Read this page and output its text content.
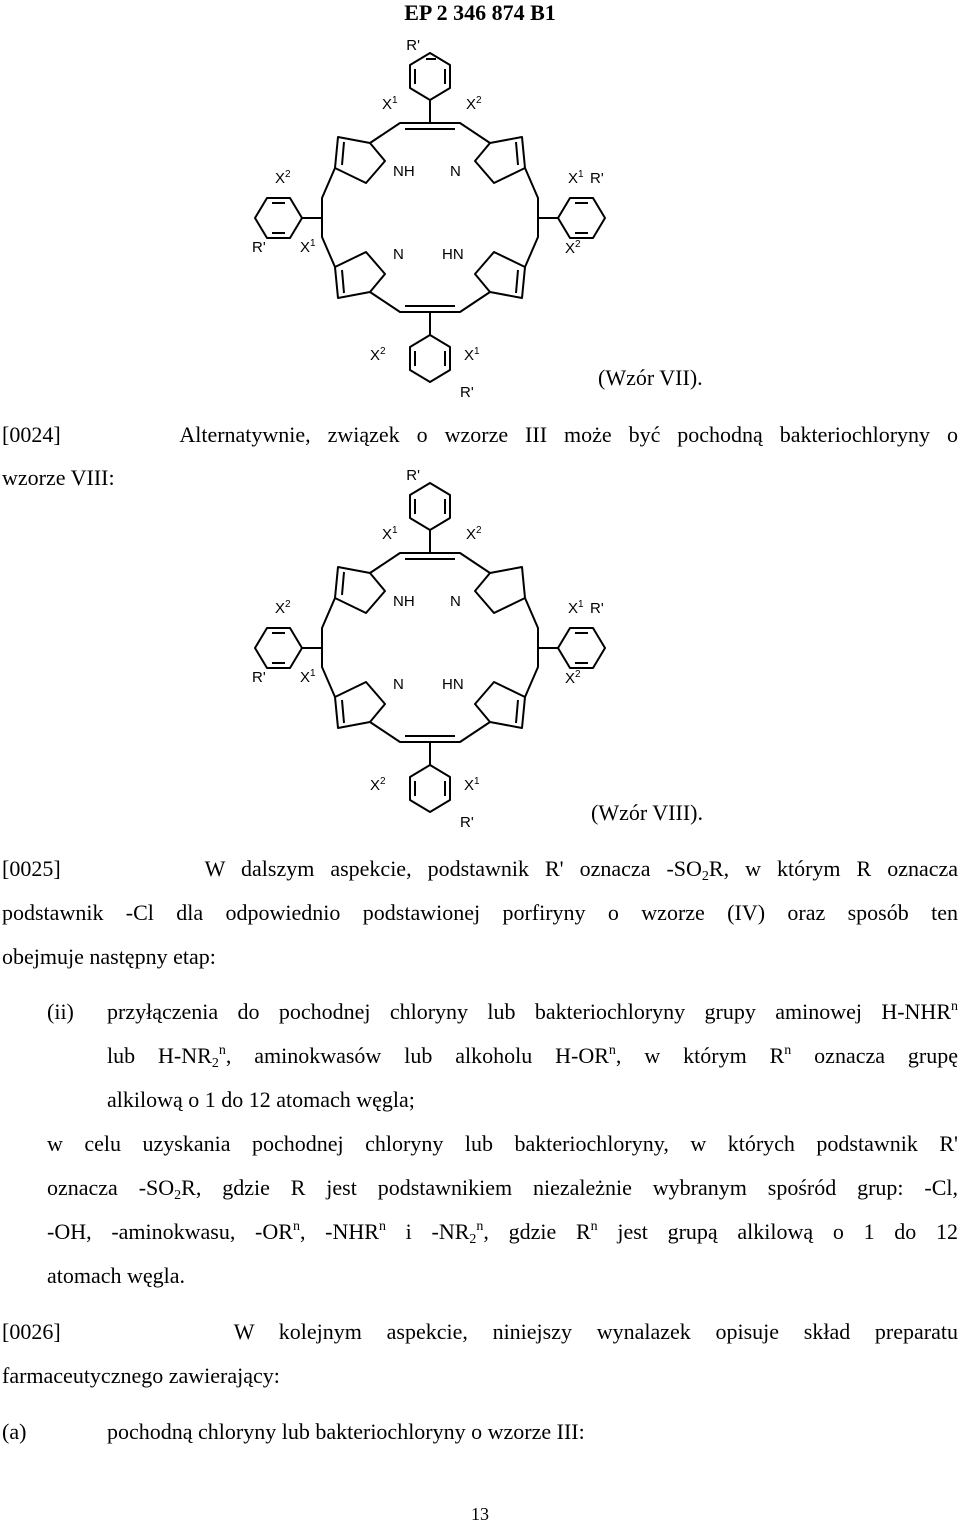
EP 2 346 874 B1
R'
$X^1$	$X^2$
$X^2$
R' $X^1$
$X^1$ R'
$X^2$
$X^2$	$X^1$
R'
NH N
N	HN
(Wzór VII).
[0024]	Alternatywnie, związek o wzorze III może być pochodną bakteriochloryny o
wzorze VIII:	R'
$X^1$	$X^2$
$X^2$
R' $X^1$
$X^1$ R'
$X^2$
$X^2$	$X^1$
R'
NH N
N	HN
(Wzór VIII).
[0025]	W dalszym aspekcie, podstawnik R' oznacza $-SO_2R$, w którym R oznacza
podstawnik -Cl dla odpowiednio podstawionej porfiryny o wzorze (IV) oraz sposób ten
obejmuje następny etap:
(ii) przyłączenia do pochodnej chloryny lub bakteriochloryny grupy aminowej H-NHR$^n$
lub $H-NR_2^n$, aminokwasów lub alkoholu $H-OR^n$, w którym $R^n$ oznacza grupę
alkilową o 1 do 12 atomach węgla;
w celu uzyskania pochodnej chloryny lub bakteriochloryny, w których podstawnik R'
oznacza $-SO_2R$, gdzie R jest podstawnikiem niezależnie wybranym spośród grup: -Cl,
-OH, -aminokwasu, $-OR^n$, -NHR$^n$ i $-NR_2^n$, gdzie $R^n$ jest grupą alkilową o 1 do 12
atomach węgla.
[0026]	W kolejnym aspekcie, niniejszy wynalazek opisuje skład preparatu
farmaceutycznego zawierający:
(a)	pochodną chloryny lub bakteriochloryny o wzorze III:
13
